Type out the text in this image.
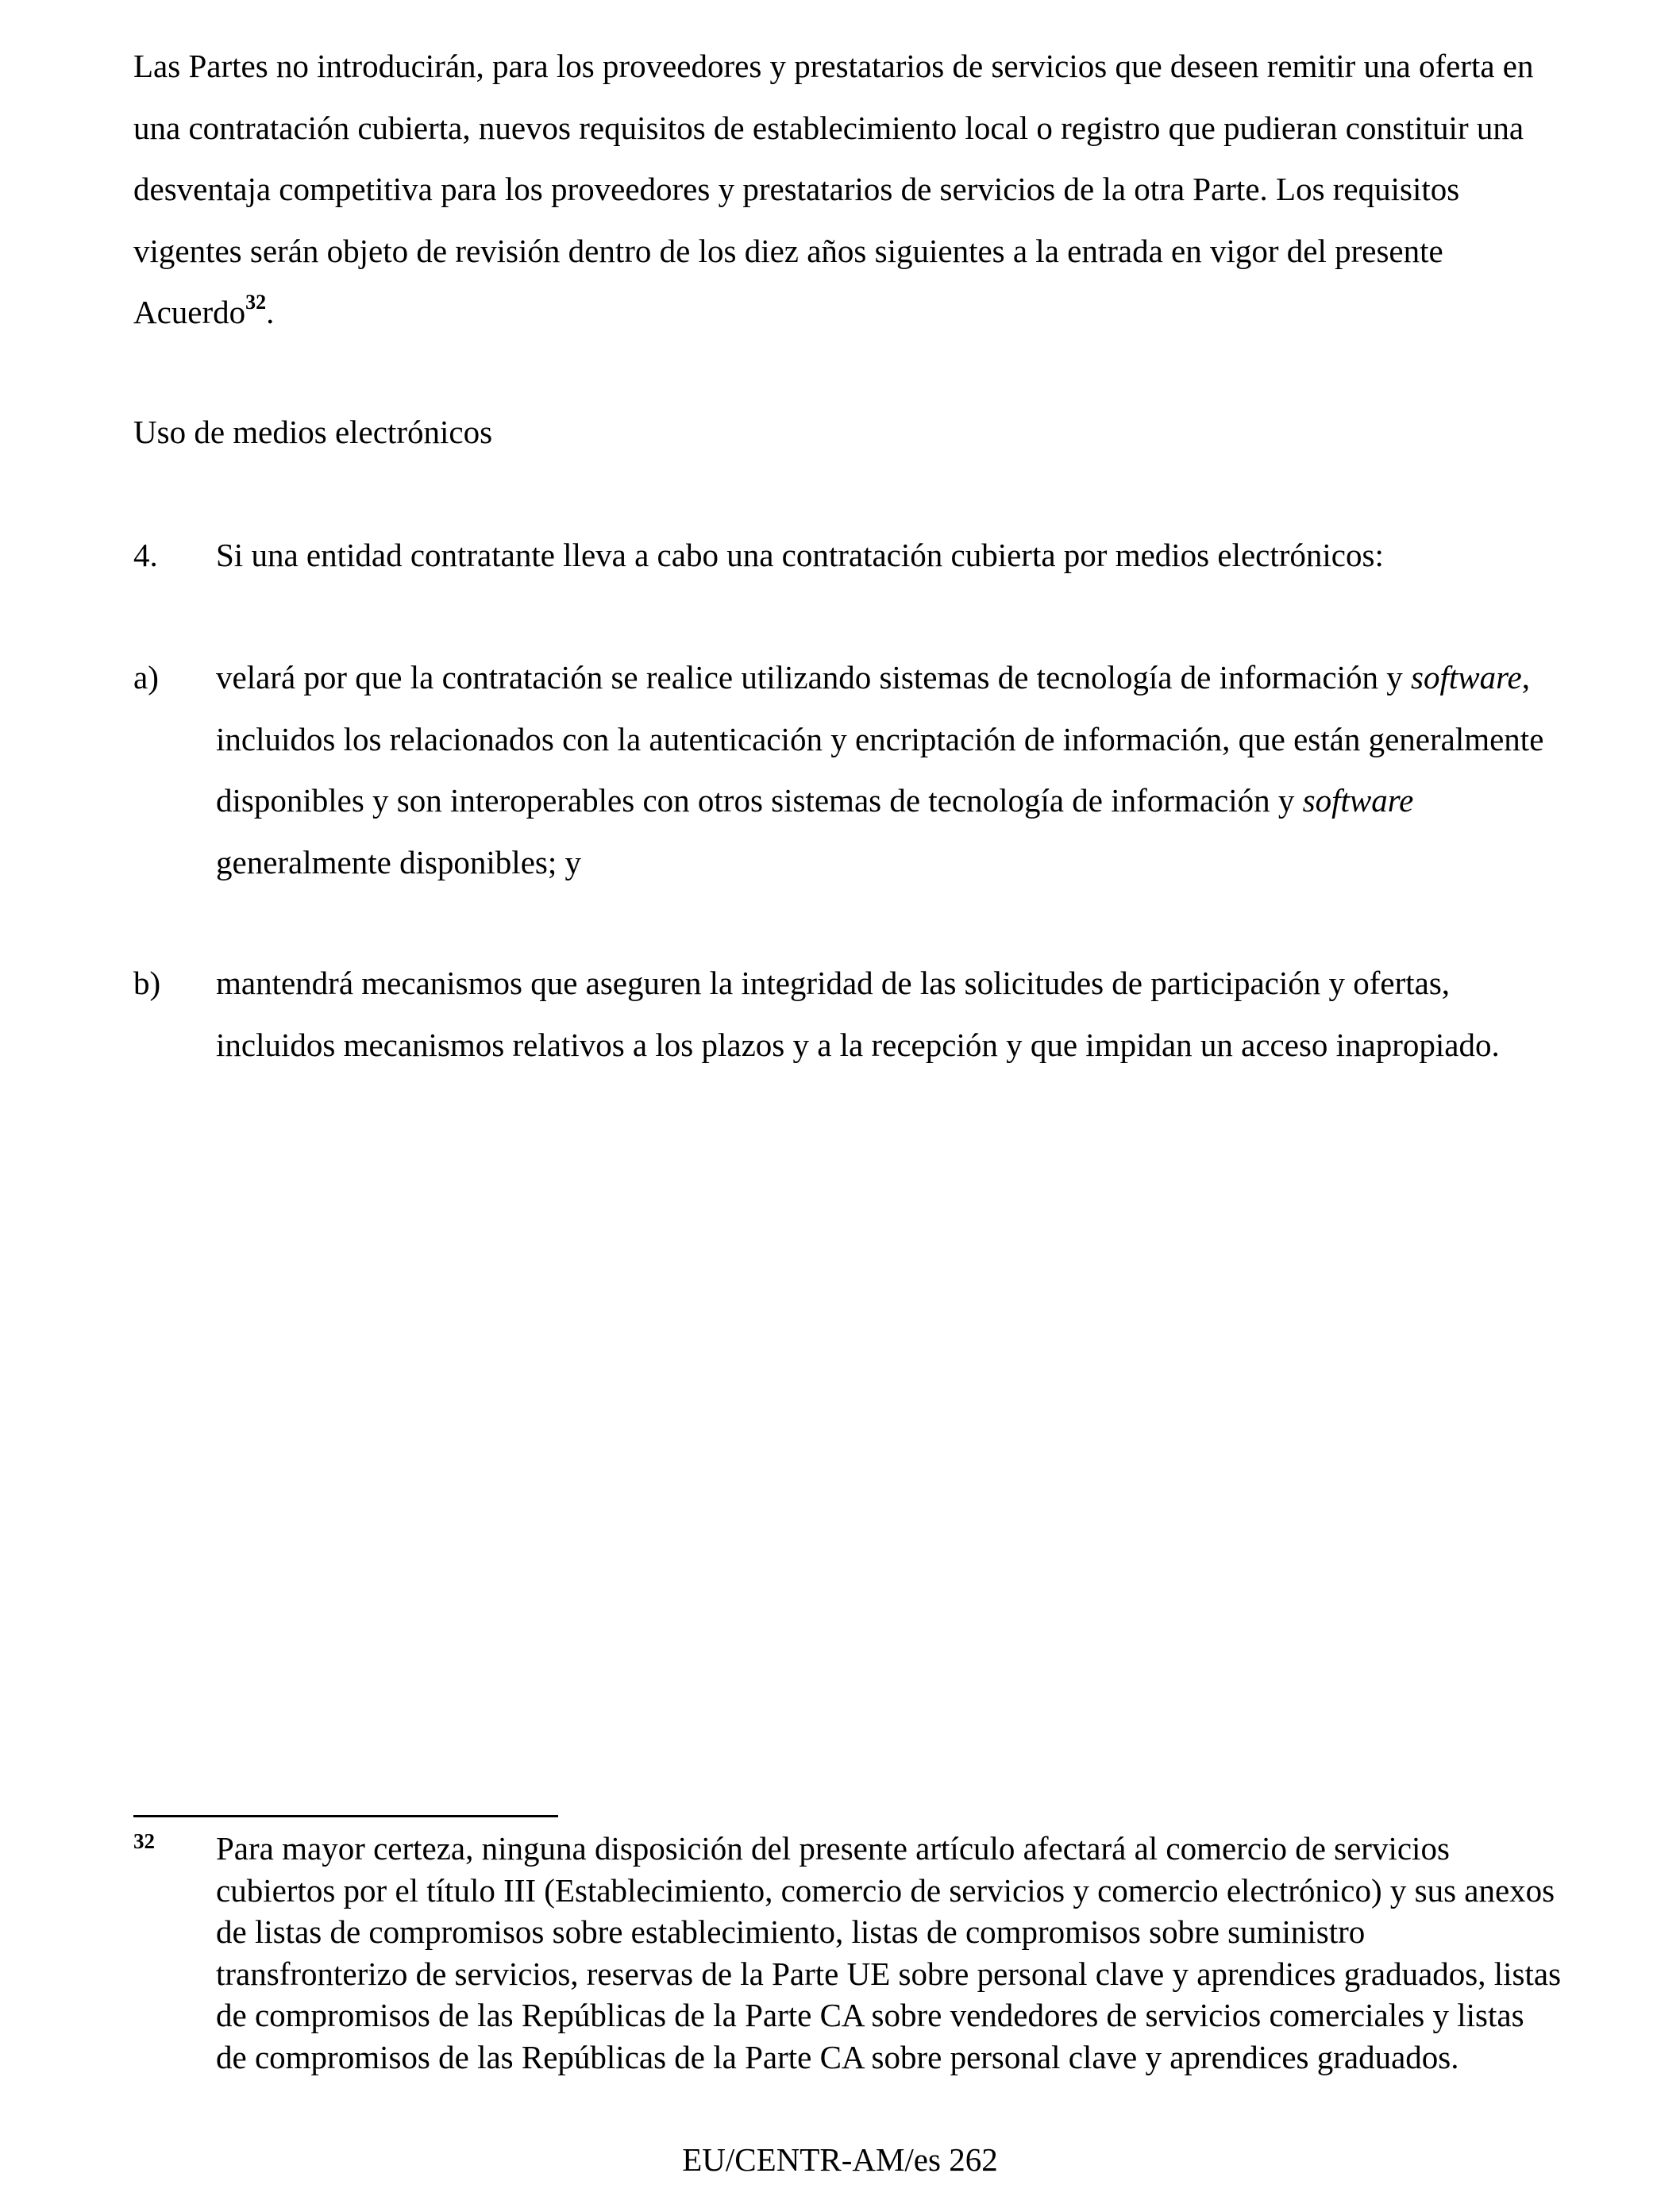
Las Partes no introducirán, para los proveedores y prestatarios de servicios que deseen remitir una oferta en una contratación cubierta, nuevos requisitos de establecimiento local o registro que pudieran constituir una desventaja competitiva para los proveedores y prestatarios de servicios de la otra Parte. Los requisitos vigentes serán objeto de revisión dentro de los diez años siguientes a la entrada en vigor del presente Acuerdo$^{32}$.
Uso de medios electrónicos
4.	Si una entidad contratante lleva a cabo una contratación cubierta por medios electrónicos:
a)	velará por que la contratación se realice utilizando sistemas de tecnología de información y software, incluidos los relacionados con la autenticación y encriptación de información, que están generalmente disponibles y son interoperables con otros sistemas de tecnología de información y software generalmente disponibles; y
b)	mantendrá mecanismos que aseguren la integridad de las solicitudes de participación y ofertas, incluidos mecanismos relativos a los plazos y a la recepción y que impidan un acceso inapropiado.
32 Para mayor certeza, ninguna disposición del presente artículo afectará al comercio de servicios cubiertos por el título III (Establecimiento, comercio de servicios y comercio electrónico) y sus anexos de listas de compromisos sobre establecimiento, listas de compromisos sobre suministro transfronterizo de servicios, reservas de la Parte UE sobre personal clave y aprendices graduados, listas de compromisos de las Repúblicas de la Parte CA sobre vendedores de servicios comerciales y listas de compromisos de las Repúblicas de la Parte CA sobre personal clave y aprendices graduados.
EU/CENTR-AM/es 262
